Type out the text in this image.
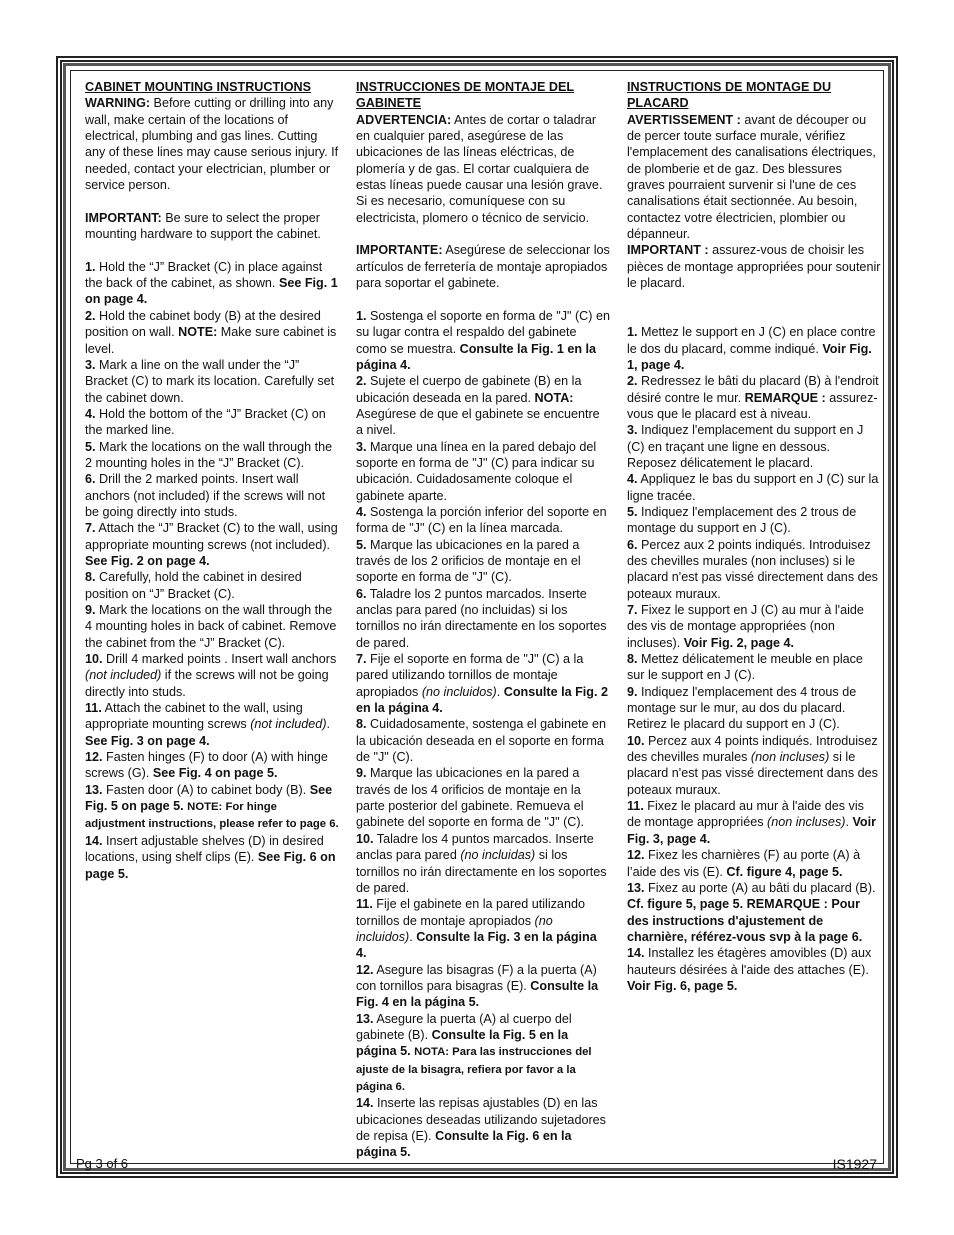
CABINET MOUNTING INSTRUCTIONS

WARNING: Before cutting or drilling into any wall, make certain of the locations of electrical, plumbing and gas lines. Cutting any of these lines may cause serious injury. If needed, contact your electrician, plumber or service person.

IMPORTANT: Be sure to select the proper mounting hardware to support the cabinet.

1. Hold the “J” Bracket (C) in place against the back of the cabinet, as shown. See Fig. 1 on page 4.

2. Hold the cabinet body (B) at the desired position on wall. NOTE: Make sure cabinet is level.

3. Mark a line on the wall under the “J” Bracket (C) to mark its location. Carefully set the cabinet down.

4. Hold the bottom of the “J” Bracket (C) on the marked line.

5. Mark the locations on the wall through the 2 mounting holes in the “J” Bracket (C).

6. Drill the 2 marked points. Insert wall anchors (not included) if the screws will not be going directly into studs.

7. Attach the “J” Bracket (C) to the wall, using appropriate mounting screws (not included). See Fig. 2 on page 4.

8. Carefully, hold the cabinet in desired position on “J” Bracket (C).

9. Mark the locations on the wall through the 4 mounting holes in back of cabinet. Remove the cabinet from the “J” Bracket (C).

10. Drill 4 marked points . Insert wall anchors (not included) if the screws will not be going directly into studs.

11. Attach the cabinet to the wall, using appropriate mounting screws (not included). See Fig. 3 on page 4.

12. Fasten hinges (F) to door (A) with hinge screws (G). See Fig. 4 on page 5.

13. Fasten door (A) to cabinet body (B). See Fig. 5 on page 5. NOTE: For hinge adjustment instructions, please refer to page 6.

14. Insert adjustable shelves (D) in desired locations, using shelf clips (E). See Fig. 6 on page 5.

INSTRUCCIONES DE MONTAJE DEL GABINETE

ADVERTENCIA: Antes de cortar o taladrar en cualquier pared, asegúrese de las ubicaciones de las líneas eléctricas, de plomería y de gas. El cortar cualquiera de estas líneas puede causar una lesión grave. Si es necesario, comuníquese con su electricista, plomero o técnico de servicio.

IMPORTANTE: Asegúrese de seleccionar los artículos de ferretería de montaje apropiados para soportar el gabinete.

1. Sostenga el soporte en forma de "J" (C) en su lugar contra el respaldo del gabinete como se muestra. Consulte la Fig. 1 en la página 4.

2. Sujete el cuerpo de gabinete (B) en la ubicación deseada en la pared. NOTA: Asegúrese de que el gabinete se encuentre a nivel.

3. Marque una línea en la pared debajo del soporte en forma de "J" (C) para indicar su ubicación. Cuidadosamente coloque el gabinete aparte.

4. Sostenga la porción inferior del soporte en forma de "J" (C) en la línea marcada.

5. Marque las ubicaciones en la pared a través de los 2 orificios de montaje en el soporte en forma de "J" (C).

6. Taladre los 2 puntos marcados. Inserte anclas para pared (no incluidas) si los tornillos no irán directamente en los soportes de pared.

7. Fije el soporte en forma de "J" (C) a la pared utilizando tornillos de montaje apropiados (no incluidos). Consulte la Fig. 2 en la página 4.

8. Cuidadosamente, sostenga el gabinete en la ubicación deseada en el soporte en forma de "J" (C).

9. Marque las ubicaciones en la pared a través de los 4 orificios de montaje en la parte posterior del gabinete. Remueva el gabinete del soporte en forma de "J" (C).

10. Taladre los 4 puntos marcados. Inserte anclas para pared (no incluidas) si los tornillos no irán directamente en los soportes de pared.

11. Fije el gabinete en la pared utilizando tornillos de montaje apropiados (no incluidos). Consulte la Fig. 3 en la página 4.

12. Asegure las bisagras (F) a la puerta (A) con tornillos para bisagras (E). Consulte la Fig. 4 en la página 5.

13. Asegure la puerta (A) al cuerpo del gabinete (B). Consulte la Fig. 5 en la página 5. NOTA: Para las instrucciones del ajuste de la bisagra, refiera por favor a la página 6.

14. Inserte las repisas ajustables (D) en las ubicaciones deseadas utilizando sujetadores de repisa (E). Consulte la Fig. 6 en la página 5.

INSTRUCTIONS DE MONTAGE DU PLACARD

AVERTISSEMENT : avant de découper ou de percer toute surface murale, vérifiez l'emplacement des canalisations électriques, de plomberie et de gaz. Des blessures graves pourraient survenir si l'une de ces canalisations était sectionnée. Au besoin, contactez votre électricien, plombier ou dépanneur.

IMPORTANT : assurez-vous de choisir les pièces de montage appropriées pour soutenir le placard.

1. Mettez le support en J (C) en place contre le dos du placard, comme indiqué. Voir Fig. 1, page 4.

2. Redressez le bâti du placard (B) à l'endroit désiré contre le mur. REMARQUE : assurez-vous que le placard est à niveau.

3. Indiquez l'emplacement du support en J (C) en traçant une ligne en dessous. Reposez délicatement le placard.

4. Appliquez le bas du support en J (C) sur la ligne tracée.

5. Indiquez l'emplacement des 2 trous de montage du support en J (C).

6. Percez aux 2 points indiqués. Introduisez des chevilles murales (non incluses) si le placard n'est pas vissé directement dans des poteaux muraux.

7. Fixez le support en J (C) au mur à l'aide des vis de montage appropriées (non incluses). Voir Fig. 2, page 4.

8. Mettez délicatement le meuble en place sur le support en J (C).

9. Indiquez l'emplacement des 4 trous de montage sur le mur, au dos du placard. Retirez le placard du support en J (C).

10. Percez aux 4 points indiqués. Introduisez des chevilles murales (non incluses) si le placard n'est pas vissé directement dans des poteaux muraux.

11. Fixez le placard au mur à l'aide des vis de montage appropriées (non incluses). Voir Fig. 3, page 4.

12. Fixez les charnières (F) au porte (A) à l’aide des vis (E). Cf. figure 4, page 5.

13. Fixez au porte (A) au bâti du placard (B). Cf. figure 5, page 5. REMARQUE : Pour des instructions d'ajustement de charnière, référez-vous svp à la page 6.

14. Installez les étagères amovibles (D) aux hauteurs désirées à l'aide des attaches (E). Voir Fig. 6, page 5.

Pg 3 of 6	IS1927
